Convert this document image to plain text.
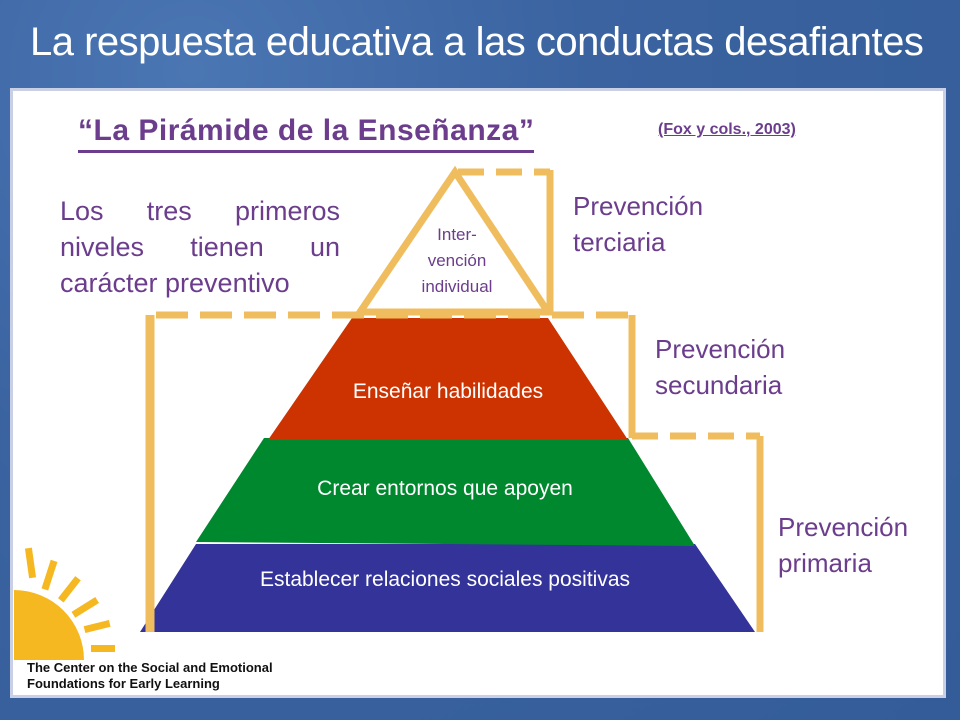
La respuesta educativa a las conductas desafiantes
“La Pirámide de la Enseñanza”	(Fox y cols., 2003)
Los tres primeros niveles tienen un carácter preventivo
Inter-
vención
individual
Enseñar habilidades
Crear entornos que apoyen
Establecer relaciones sociales positivas
Prevención
terciaria
Prevención
secundaria
Prevención
primaria
The Center on the Social and Emotional
Foundations for Early Learning
